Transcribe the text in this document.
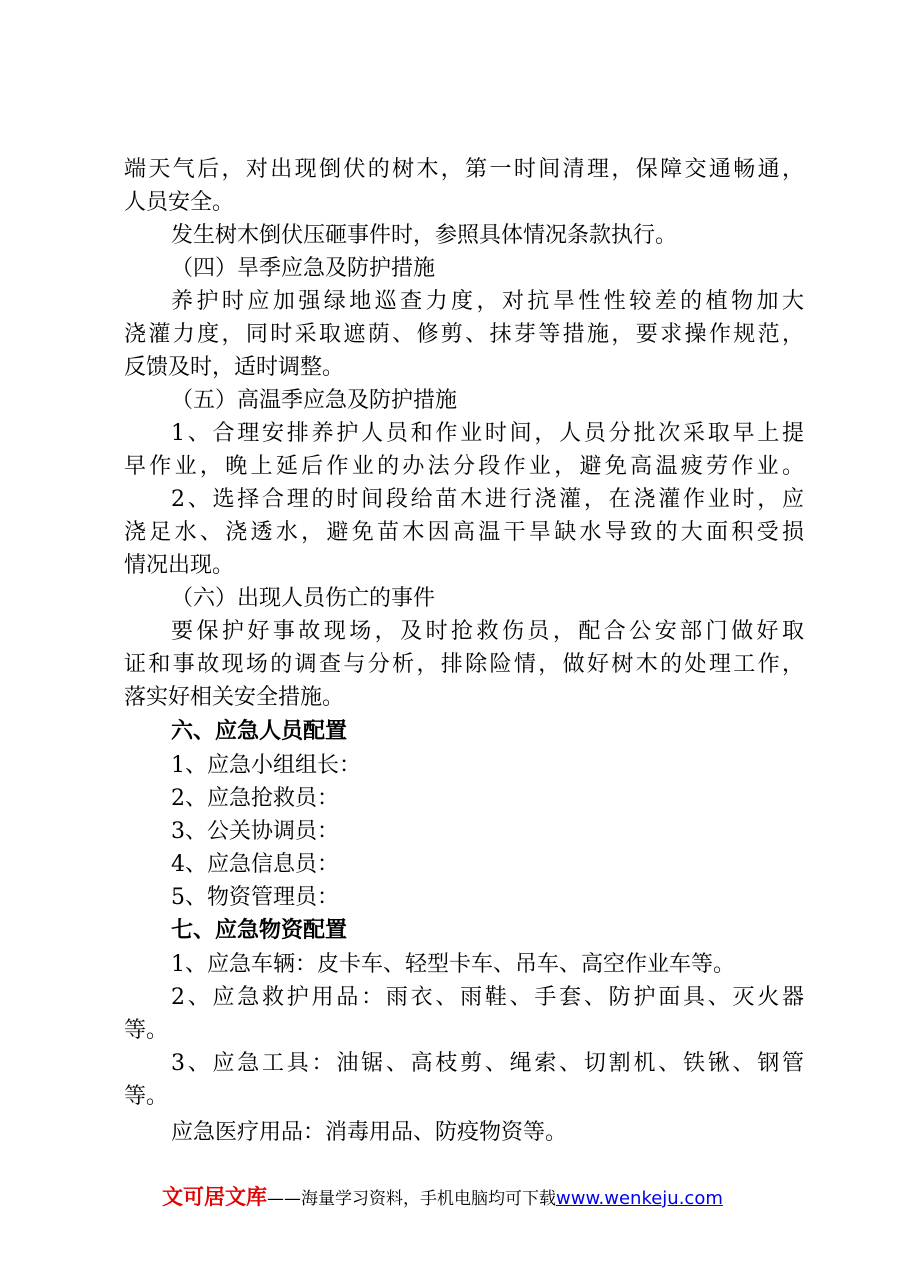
端天气后，对出现倒伏的树木，第一时间清理，保障交通畅通，
人员安全。
发生树木倒伏压砸事件时，参照具体情况条款执行。
（四）旱季应急及防护措施
养护时应加强绿地巡查力度，对抗旱性性较差的植物加大
浇灌力度，同时采取遮荫、修剪、抹芽等措施，要求操作规范，
反馈及时，适时调整。
（五）高温季应急及防护措施
1、合理安排养护人员和作业时间，人员分批次采取早上提
早作业，晚上延后作业的办法分段作业，避免高温疲劳作业。
2、选择合理的时间段给苗木进行浇灌，在浇灌作业时，应
浇足水、浇透水，避免苗木因高温干旱缺水导致的大面积受损
情况出现。
（六）出现人员伤亡的事件
要保护好事故现场，及时抢救伤员，配合公安部门做好取
证和事故现场的调查与分析，排除险情，做好树木的处理工作，
落实好相关安全措施。
六、应急人员配置
1、应急小组组长：
2、应急抢救员：
3、公关协调员：
4、应急信息员：
5、物资管理员：
七、应急物资配置
1、应急车辆：皮卡车、轻型卡车、吊车、高空作业车等。
2、应急救护用品：雨衣、雨鞋、手套、防护面具、灭火器
等。
3、应急工具：油锯、高枝剪、绳索、切割机、铁锹、钢管
等。
应急医疗用品：消毒用品、防疫物资等。
文可居文库——海量学习资料，手机电脑均可下载www.wenkeju.com
